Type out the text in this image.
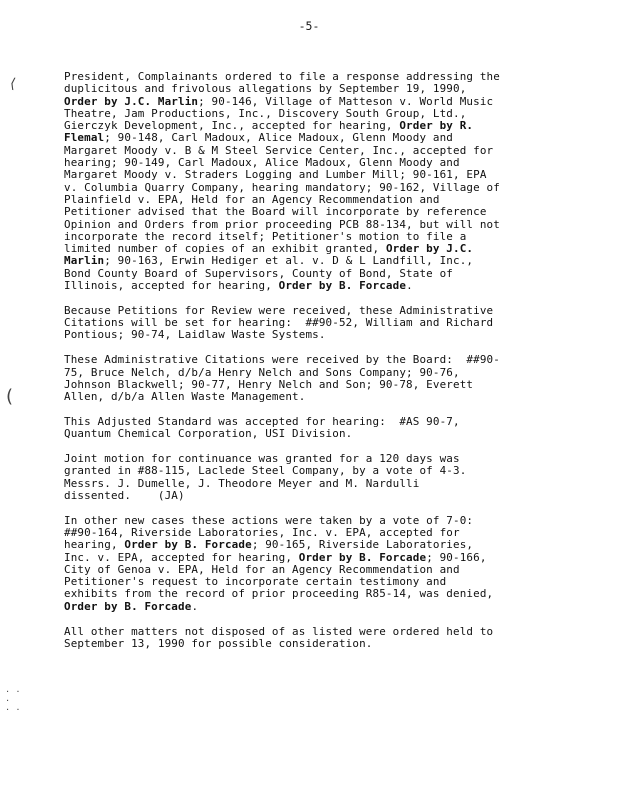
-5-
President, Complainants ordered to file a response addressing the
duplicitous and frivolous allegations by September 19, 1990,
Order by J.C. Marlin; 90-146, Village of Matteson v. World Music
Theatre, Jam Productions, Inc., Discovery South Group, Ltd.,
Gierczyk Development, Inc., accepted for hearing, Order by R.
Flemal; 90-148, Carl Madoux, Alice Madoux, Glenn Moody and
Margaret Moody v. B & M Steel Service Center, Inc., accepted for
hearing; 90-149, Carl Madoux, Alice Madoux, Glenn Moody and
Margaret Moody v. Straders Logging and Lumber Mill; 90-161, EPA
v. Columbia Quarry Company, hearing mandatory; 90-162, Village of
Plainfield v. EPA, Held for an Agency Recommendation and
Petitioner advised that the Board will incorporate by reference
Opinion and Orders from prior proceeding PCB 88-134, but will not
incorporate the record itself; Petitioner's motion to file a
limited number of copies of an exhibit granted, Order by J.C.
Marlin; 90-163, Erwin Hediger et al. v. D & L Landfill, Inc.,
Bond County Board of Supervisors, County of Bond, State of
Illinois, accepted for hearing, Order by B. Forcade.
Because Petitions for Review were received, these Administrative
Citations will be set for hearing:  ##90-52, William and Richard
Pontious; 90-74, Laidlaw Waste Systems.
These Administrative Citations were received by the Board:  ##90-
75, Bruce Nelch, d/b/a Henry Nelch and Sons Company; 90-76,
Johnson Blackwell; 90-77, Henry Nelch and Son; 90-78, Everett
Allen, d/b/a Allen Waste Management.
This Adjusted Standard was accepted for hearing:  #AS 90-7,
Quantum Chemical Corporation, USI Division.
Joint motion for continuance was granted for a 120 days was
granted in #88-115, Laclede Steel Company, by a vote of 4-3.
Messrs. J. Dumelle, J. Theodore Meyer and M. Nardulli
dissented.    (JA)
In other new cases these actions were taken by a vote of 7-0:
##90-164, Riverside Laboratories, Inc. v. EPA, accepted for
hearing, Order by B. Forcade; 90-165, Riverside Laboratories,
Inc. v. EPA, accepted for hearing, Order by B. Forcade; 90-166,
City of Genoa v. EPA, Held for an Agency Recommendation and
Petitioner's request to incorporate certain testimony and
exhibits from the record of prior proceeding R85-14, was denied,
Order by B. Forcade.
All other matters not disposed of as listed were ordered held to
September 13, 1990 for possible consideration.
⟨
(
· ·
·
· ·
